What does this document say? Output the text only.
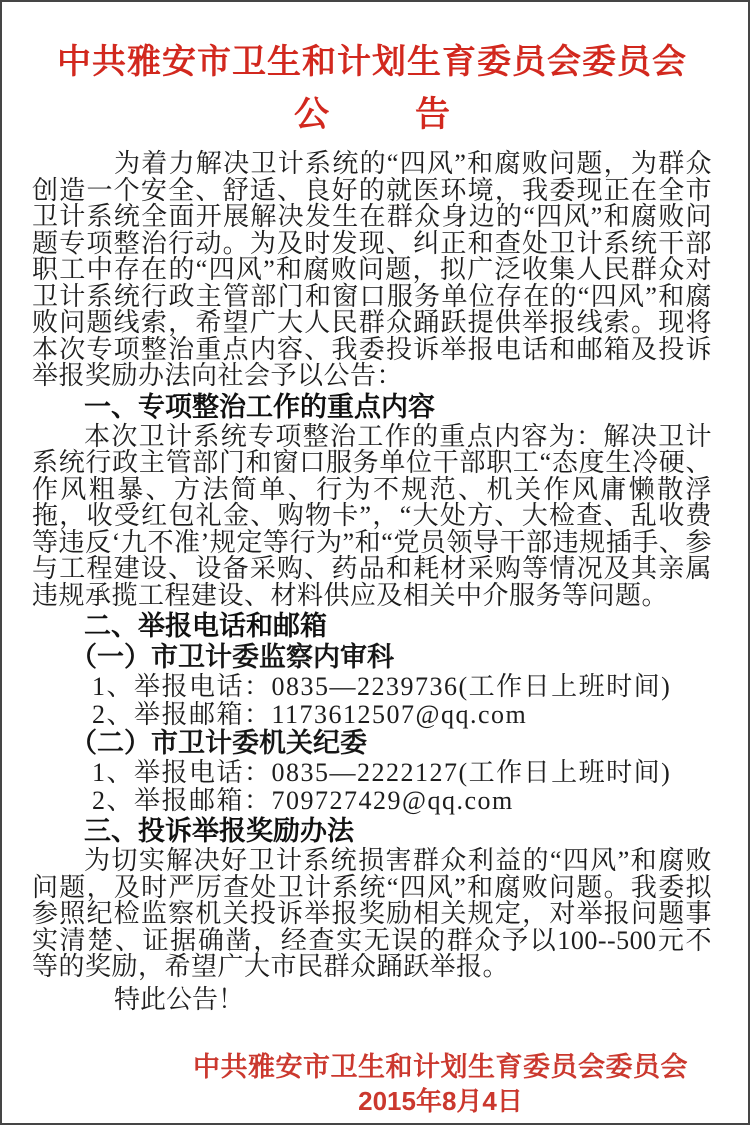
中共雅安市卫生和计划生育委员会委员会
公 告

为着力解决卫计系统的“四风”和腐败问题，为群众创造一个安全、舒适、良好的就医环境，我委现正在全市卫计系统全面开展解决发生在群众身边的“四风”和腐败问题专项整治行动。为及时发现、纠正和查处卫计系统干部职工中存在的“四风”和腐败问题，拟广泛收集人民群众对卫计系统行政主管部门和窗口服务单位存在的“四风”和腐败问题线索，希望广大人民群众踊跃提供举报线索。现将本次专项整治重点内容、我委投诉举报电话和邮箱及投诉举报奖励办法向社会予以公告：

一、专项整治工作的重点内容

本次卫计系统专项整治工作的重点内容为：解决卫计系统行政主管部门和窗口服务单位干部职工“态度生冷硬、作风粗暴、方法简单、行为不规范、机关作风庸懒散浮拖，收受红包礼金、购物卡”，“大处方、大检查、乱收费等违反‘九不准’规定等行为”和“党员领导干部违规插手、参与工程建设、设备采购、药品和耗材采购等情况及其亲属违规承揽工程建设、材料供应及相关中介服务等问题。

二、举报电话和邮箱
（一）市卫计委监察内审科

1、举报电话：0835—2239736(工作日上班时间)

2、举报邮箱：1173612507@qq.com

（二）市卫计委机关纪委

1、举报电话：0835—2222127(工作日上班时间)

2、举报邮箱：709727429@qq.com

三、投诉举报奖励办法

为切实解决好卫计系统损害群众利益的“四风”和腐败问题，及时严厉查处卫计系统“四风”和腐败问题。我委拟参照纪检监察机关投诉举报奖励相关规定，对举报问题事实清楚、证据确凿，经查实无误的群众予以100--500元不等的奖励，希望广大市民群众踊跃举报。

特此公告！

中共雅安市卫生和计划生育委员会委员会
2015年8月4日
